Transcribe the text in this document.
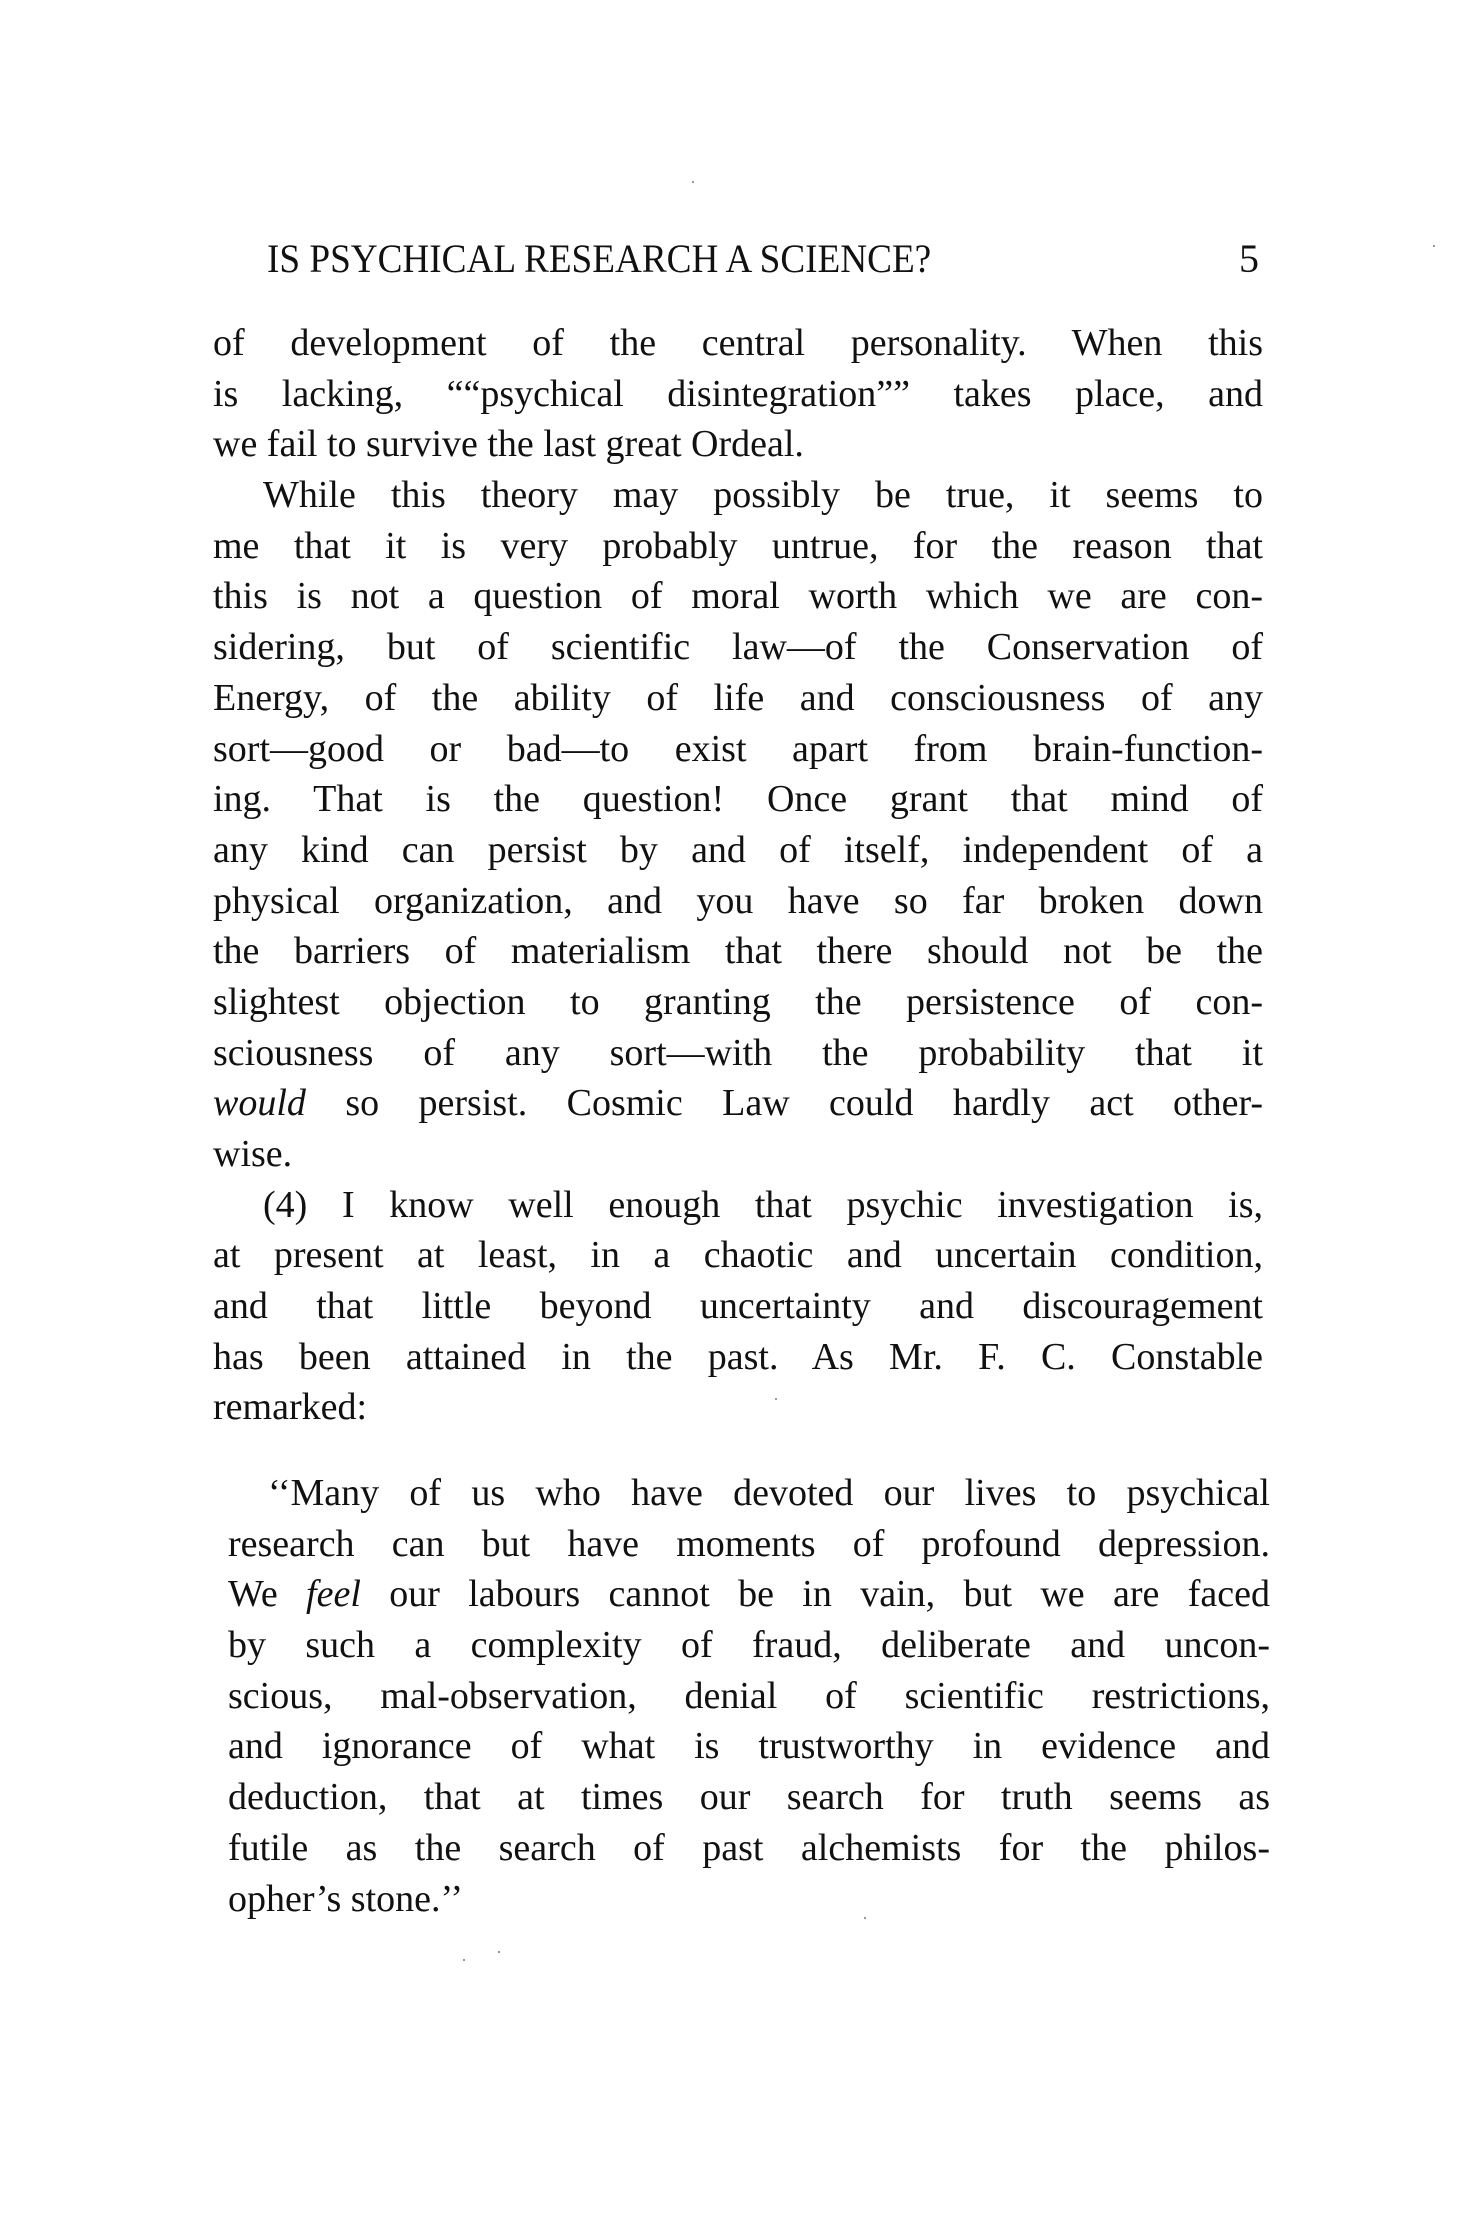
IS PSYCHICAL RESEARCH A SCIENCE?	5
of development of the central personality. When this
is lacking, ““psychical disintegration”” takes place, and
we fail to survive the last great Ordeal.
While this theory may possibly be true, it seems to
me that it is very probably untrue, for the reason that
this is not a question of moral worth which we are con-
sidering, but of scientific law—of the Conservation of
Energy, of the ability of life and consciousness of any
sort—good or bad—to exist apart from brain-function-
ing. That is the question! Once grant that mind of
any kind can persist by and of itself, independent of a
physical organization, and you have so far broken down
the barriers of materialism that there should not be the
slightest objection to granting the persistence of con-
sciousness of any sort—with the probability that it
would so persist. Cosmic Law could hardly act other-
wise.
(4) I know well enough that psychic investigation is,
at present at least, in a chaotic and uncertain condition,
and that little beyond uncertainty and discouragement
has been attained in the past. As Mr. F. C. Constable
remarked:
‘‘Many of us who have devoted our lives to psychical
research can but have moments of profound depression.
We feel our labours cannot be in vain, but we are faced
by such a complexity of fraud, deliberate and uncon-
scious, mal-observation, denial of scientific restrictions,
and ignorance of what is trustworthy in evidence and
deduction, that at times our search for truth seems as
futile as the search of past alchemists for the philos-
opher’s stone.’’
